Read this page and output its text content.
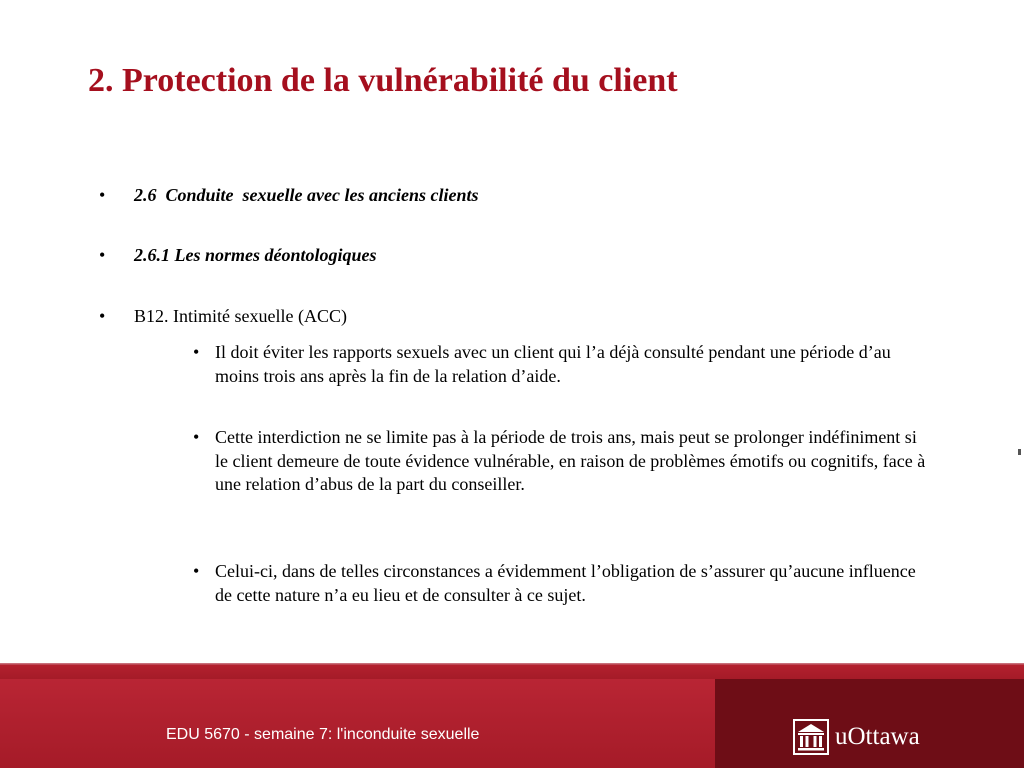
2. Protection de la vulnérabilité du client

• 2.6  Conduite  sexuelle avec les anciens clients

• 2.6.1 Les normes déontologiques

• B12. Intimité sexuelle (ACC)

• Il doit éviter les rapports sexuels avec un client qui l’a déjà consulté pendant une période d’au moins trois ans après la fin de la relation d’aide.
• Cette interdiction ne se limite pas à la période de trois ans, mais peut se prolonger indéfiniment si le client demeure de toute évidence vulnérable, en raison de problèmes émotifs ou cognitifs, face à une relation d’abus de la part du conseiller.
• Celui-ci, dans de telles circonstances a évidemment l’obligation de s’assurer qu’aucune influence de cette nature n’a eu lieu et de consulter à ce sujet.
EDU 5670 - semaine 7: l'inconduite sexuelle	uOttawa
